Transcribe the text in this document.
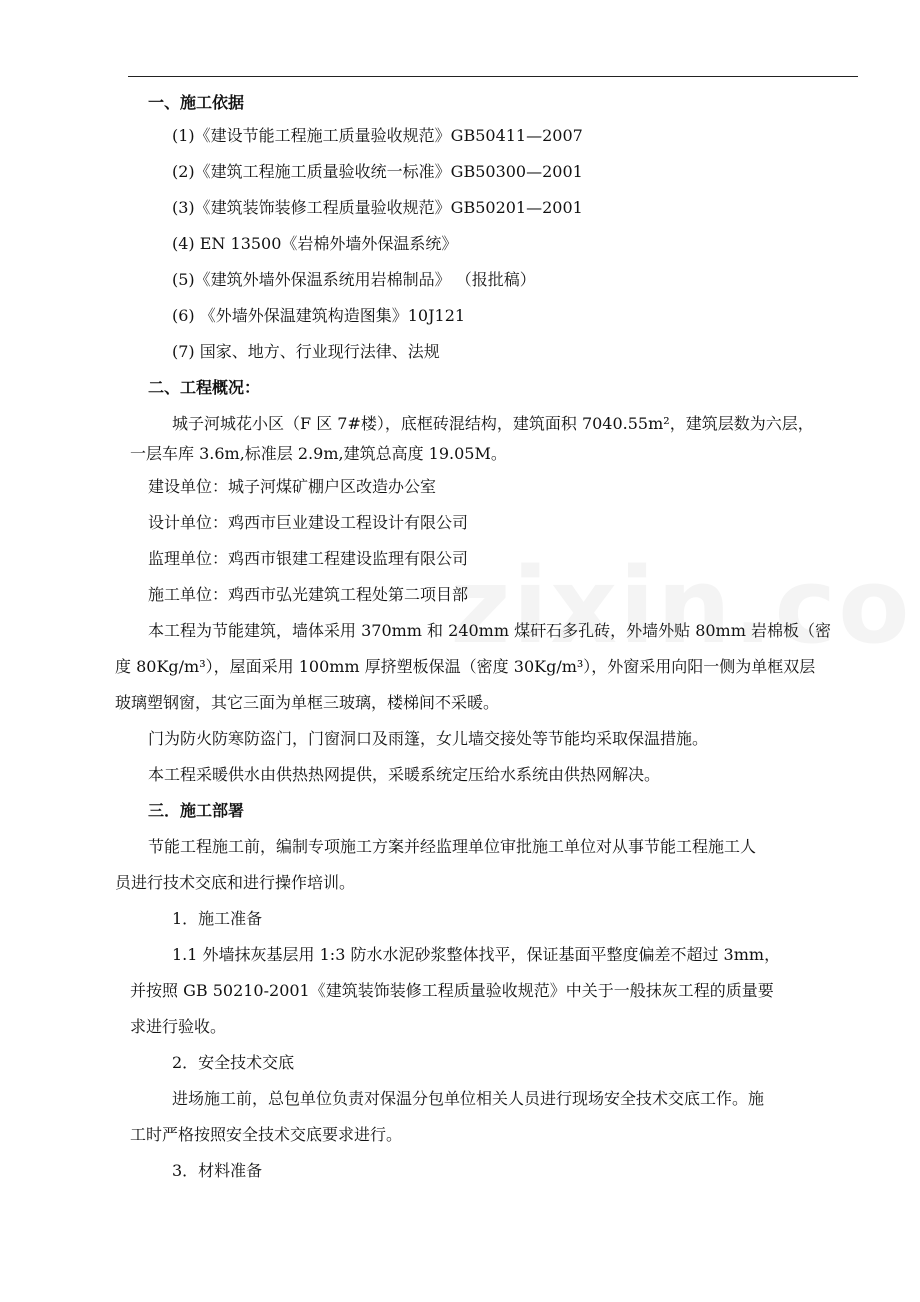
一、施工依据
(1)《建设节能工程施工质量验收规范》GB50411—2007
(2)《建筑工程施工质量验收统一标准》GB50300—2001
(3)《建筑装饰装修工程质量验收规范》GB50201—2001
(4) EN 13500《岩棉外墙外保温系统》
(5)《建筑外墙外保温系统用岩棉制品》 （报批稿）
(6) 《外墙外保温建筑构造图集》10J121
(7) 国家、地方、行业现行法律、法规
二、工程概况：
城子河城花小区（F 区 7#楼），底框砖混结构，建筑面积 7040.55m²，建筑层数为六层，
一层车库 3.6m,标准层 2.9m,建筑总高度 19.05M。
建设单位：城子河煤矿棚户区改造办公室
设计单位：鸡西市巨业建设工程设计有限公司
监理单位：鸡西市银建工程建设监理有限公司
施工单位：鸡西市弘光建筑工程处第二项目部
本工程为节能建筑，墙体采用 370mm 和 240mm 煤矸石多孔砖，外墙外贴 80mm 岩棉板（密
度 80Kg/m³），屋面采用 100mm 厚挤塑板保温（密度 30Kg/m³），外窗采用向阳一侧为单框双层
玻璃塑钢窗，其它三面为单框三玻璃，楼梯间不采暖。
门为防火防寒防盗门，门窗洞口及雨篷，女儿墙交接处等节能均采取保温措施。
本工程采暖供水由供热热网提供，采暖系统定压给水系统由供热网解决。
三．施工部署
节能工程施工前，编制专项施工方案并经监理单位审批施工单位对从事节能工程施工人
员进行技术交底和进行操作培训。
1．施工准备
1.1 外墙抹灰基层用 1:3 防水水泥砂浆整体找平，保证基面平整度偏差不超过 3mm，
并按照 GB 50210-2001《建筑装饰装修工程质量验收规范》中关于一般抹灰工程的质量要
求进行验收。
2．安全技术交底
进场施工前，总包单位负责对保温分包单位相关人员进行现场安全技术交底工作。施
工时严格按照安全技术交底要求进行。
3．材料准备
